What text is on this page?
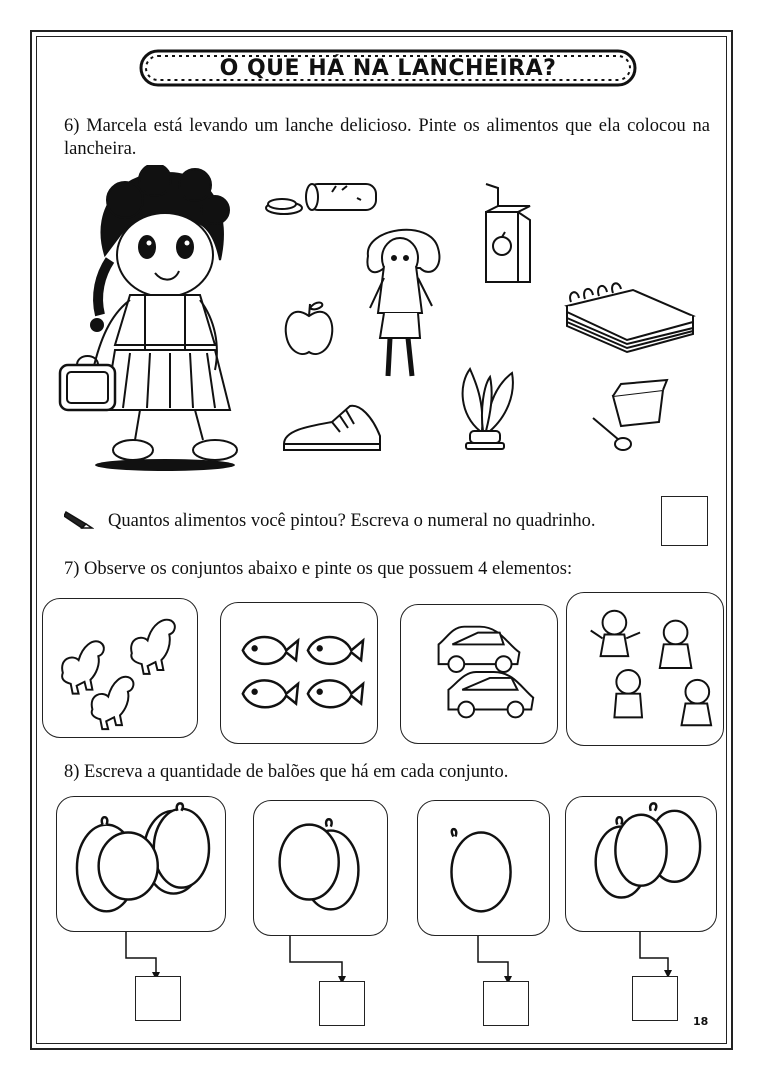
O QUE HÁ NA LANCHEIRA?
6) Marcela está levando um lanche delicioso. Pinte os alimentos que ela colocou na lancheira.
Quantos alimentos você pintou? Escreva o numeral no quadrinho.
7) Observe os conjuntos abaixo e pinte os que possuem 4 elementos:
8) Escreva a quantidade de balões que há em cada conjunto.
18
